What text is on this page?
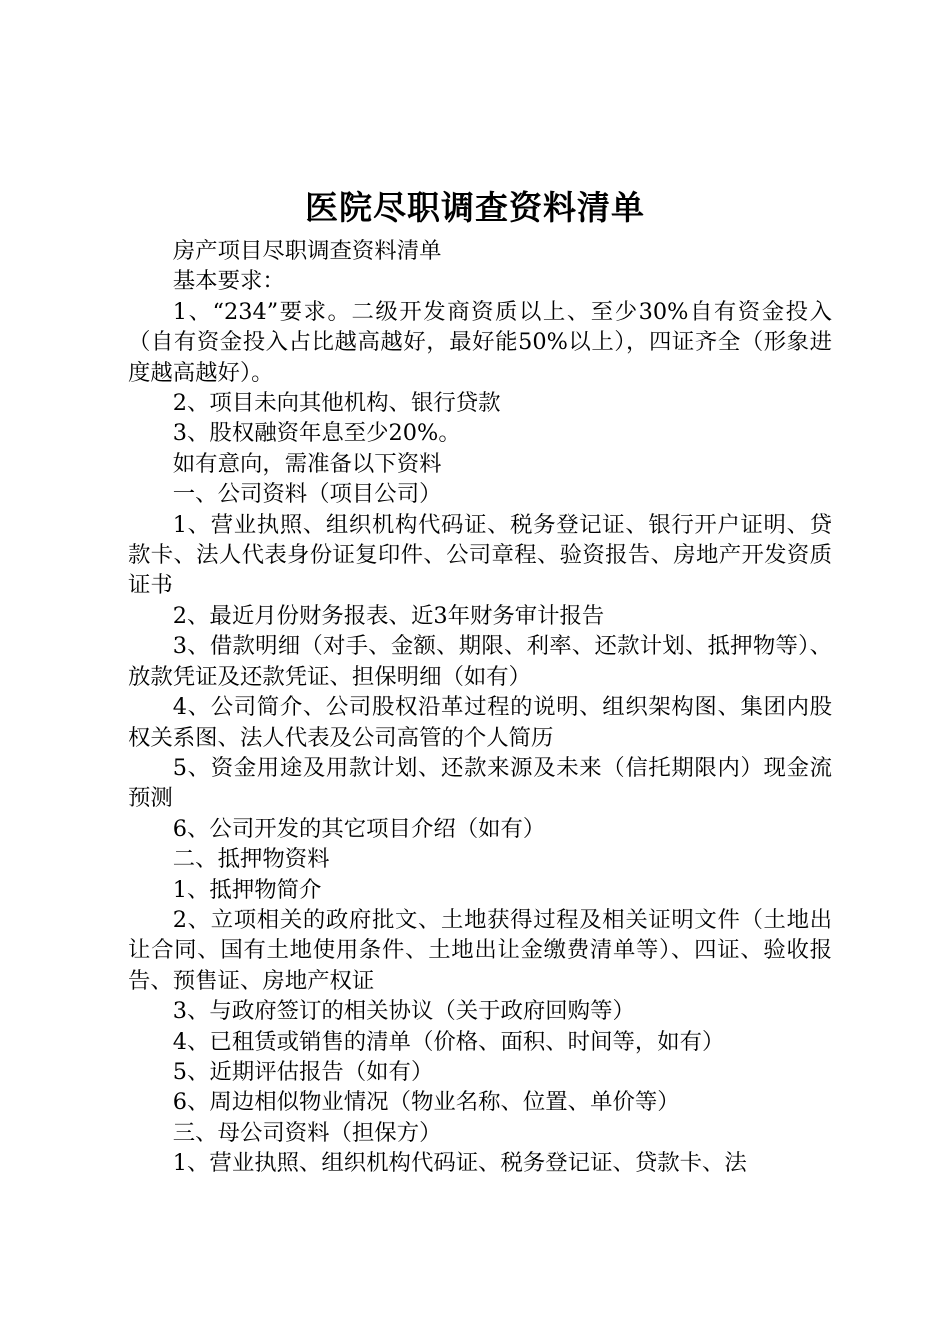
医院尽职调查资料清单

房产项目尽职调查资料清单

基本要求：

1、“234”要求。二级开发商资质以上、至少30%自有资金投入（自有资金投入占比越高越好，最好能50%以上），四证齐全（形象进度越高越好）。

2、项目未向其他机构、银行贷款

3、股权融资年息至少20%。

如有意向，需准备以下资料

一、公司资料（项目公司）

1、营业执照、组织机构代码证、税务登记证、银行开户证明、贷款卡、法人代表身份证复印件、公司章程、验资报告、房地产开发资质证书

2、最近月份财务报表、近3年财务审计报告

3、借款明细（对手、金额、期限、利率、还款计划、抵押物等）、放款凭证及还款凭证、担保明细（如有）

4、公司简介、公司股权沿革过程的说明、组织架构图、集团内股权关系图、法人代表及公司高管的个人简历

5、资金用途及用款计划、还款来源及未来（信托期限内）现金流预测

6、公司开发的其它项目介绍（如有）

二、抵押物资料

1、抵押物简介

2、立项相关的政府批文、土地获得过程及相关证明文件（土地出让合同、国有土地使用条件、土地出让金缴费清单等）、四证、验收报告、预售证、房地产权证

3、与政府签订的相关协议（关于政府回购等）

4、已租赁或销售的清单（价格、面积、时间等，如有）

5、近期评估报告（如有）

6、周边相似物业情况（物业名称、位置、单价等）

三、母公司资料（担保方）

1、营业执照、组织机构代码证、税务登记证、贷款卡、法
